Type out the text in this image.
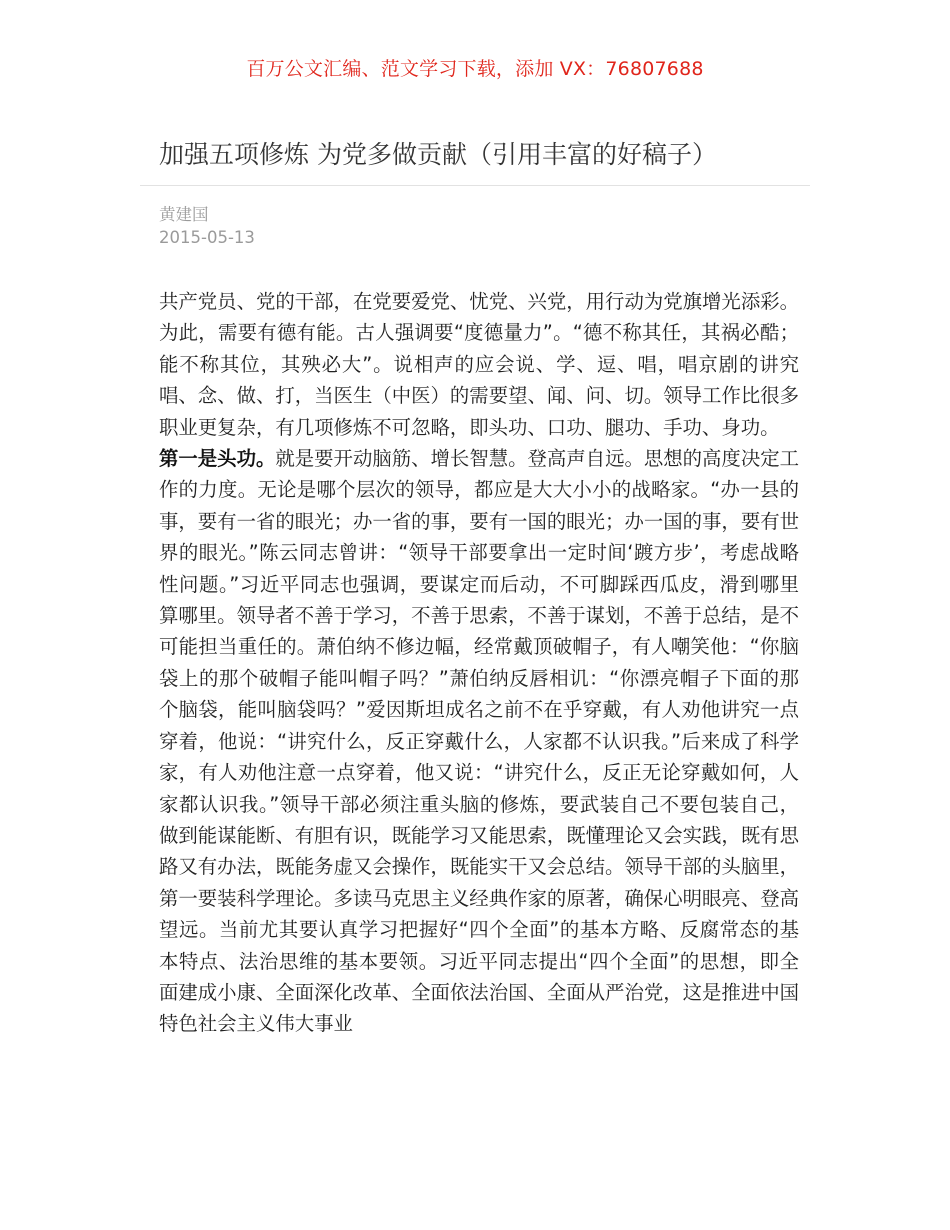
百万公文汇编、范文学习下载，添加 VX：76807688
加强五项修炼 为党多做贡献（引用丰富的好稿子）
黄建国
2015-05-13

共产党员、党的干部，在党要爱党、忧党、兴党，用行动为党旗增光添彩。为此，需要有德有能。古人强调要“度德量力”。“德不称其任，其祸必酷；能不称其位，其殃必大”。说相声的应会说、学、逗、唱，唱京剧的讲究唱、念、做、打，当医生（中医）的需要望、闻、问、切。领导工作比很多职业更复杂，有几项修炼不可忽略，即头功、口功、腿功、手功、身功。

第一是头功。就是要开动脑筋、增长智慧。登高声自远。思想的高度决定工作的力度。无论是哪个层次的领导，都应是大大小小的战略家。“办一县的事，要有一省的眼光；办一省的事，要有一国的眼光；办一国的事，要有世界的眼光。”陈云同志曾讲：“领导干部要拿出一定时间‘踱方步’，考虑战略性问题。”习近平同志也强调，要谋定而后动，不可脚踩西瓜皮，滑到哪里算哪里。领导者不善于学习，不善于思索，不善于谋划，不善于总结，是不可能担当重任的。萧伯纳不修边幅，经常戴顶破帽子，有人嘲笑他：“你脑袋上的那个破帽子能叫帽子吗？”萧伯纳反唇相讥：“你漂亮帽子下面的那个脑袋，能叫脑袋吗？”爱因斯坦成名之前不在乎穿戴，有人劝他讲究一点穿着，他说：“讲究什么，反正穿戴什么，人家都不认识我。”后来成了科学家，有人劝他注意一点穿着，他又说：“讲究什么，反正无论穿戴如何，人家都认识我。”领导干部必须注重头脑的修炼，要武装自己不要包装自己，做到能谋能断、有胆有识，既能学习又能思索，既懂理论又会实践，既有思路又有办法，既能务虚又会操作，既能实干又会总结。领导干部的头脑里，第一要装科学理论。多读马克思主义经典作家的原著，确保心明眼亮、登高望远。当前尤其要认真学习把握好“四个全面”的基本方略、反腐常态的基本特点、法治思维的基本要领。习近平同志提出“四个全面”的思想，即全面建成小康、全面深化改革、全面依法治国、全面从严治党，这是推进中国特色社会主义伟大事业
